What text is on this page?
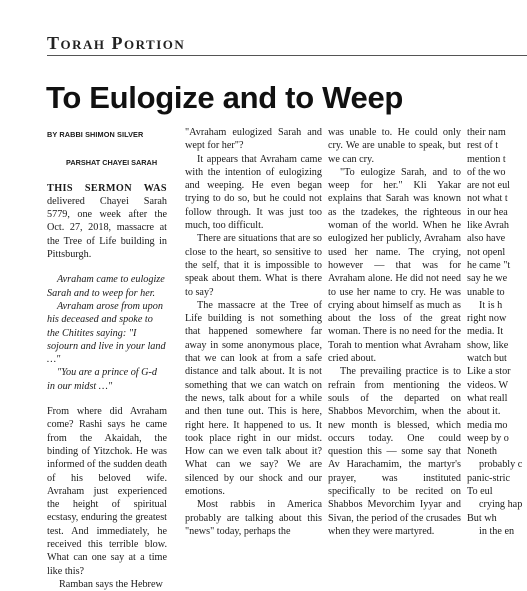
Torah Portion
To Eulogize and to Weep
BY RABBI SHIMON SILVER
PARSHAT CHAYEI SARAH

THIS SERMON WAS delivered Chayei Sarah 5779, one week after the Oct. 27, 2018, massacre at the Tree of Life building in Pittsburgh.

Avraham came to eulogize Sarah and to weep for her.

Avraham arose from upon his deceased and spoke to the Chitites saying: "I sojourn and live in your land …"

"You are a prince of G-d in our midst …"

From where did Avraham come? Rashi says he came from the Akaidah, the binding of Yitzchok. He was informed of the sudden death of his beloved wife. Avraham just experienced the height of spiritual ecstasy, enduring the greatest test. And immediately, he received this terrible blow. What can one say at a time like this?

Ramban says the Hebrew

"Avraham eulogized Sarah and wept for her"?

It appears that Avraham came with the intention of eulogizing and weeping. He even began trying to do so, but he could not follow through. It was just too much, too difficult.

There are situations that are so close to the heart, so sensitive to the self, that it is impossible to speak about them. What is there to say?

The massacre at the Tree of Life building is not something that happened somewhere far away in some anonymous place, that we can look at from a safe distance and talk about. It is not something that we can watch on the news, talk about for a while and then tune out. This is here, right here. It happened to us. It took place right in our midst. How can we even talk about it? What can we say? We are silenced by our shock and our emotions.

Most rabbis in America probably are talking about this "news" today, perhaps the

was unable to. He could only cry. We are unable to speak, but we can cry.

"To eulogize Sarah, and to weep for her." Kli Yakar explains that Sarah was known as the tzadekes, the righteous woman of the world. When he eulogized her publicly, Avraham used her name. The crying, however — that was for Avraham alone. He did not need to use her name to cry. He was crying about himself as much as about the loss of the great woman. There is no need for the Torah to mention what Avraham cried about.

The prevailing practice is to refrain from mentioning the souls of the departed on Shabbos Mevorchim, when the new month is blessed, which occurs today. One could question this — some say that Av Harachamim, the martyr's prayer, was instituted specifically to be recited on Shabbos Mevorchim Iyyar and Sivan, the period of the crusades when they were martyred.

their nam
rest of t
mention t
of the wo
are not eul
not what t
in our hea
like Avrah
also have
not openl
he came "t
say he we
unable to
It is h
right now
media. It
show, like
watch but
Like a stor
videos. W
what reall
about it.
media mo
weep by o
Noneth
probably c
panic-stric
To eul
crying hap
But wh
in the en
